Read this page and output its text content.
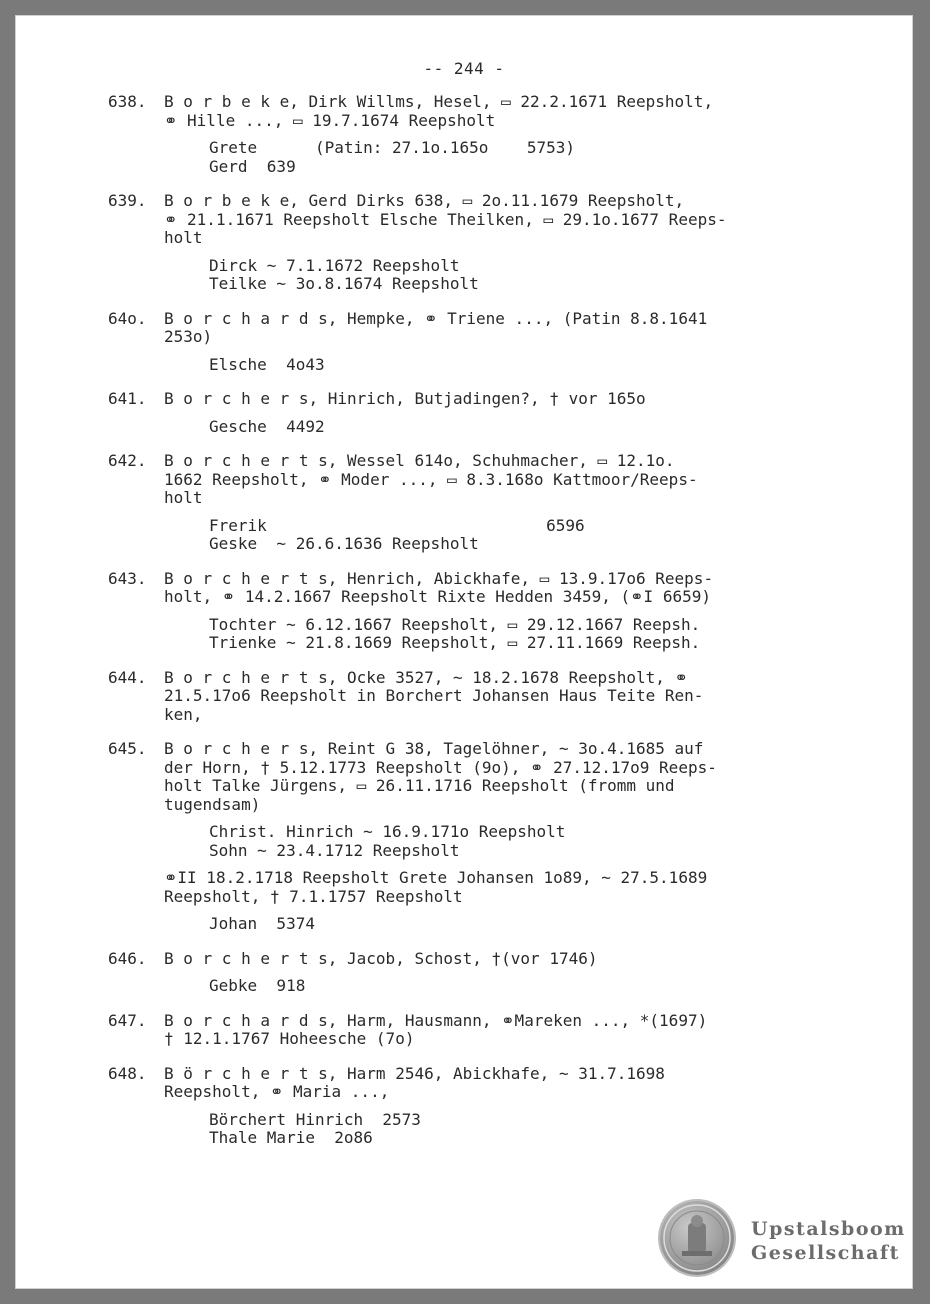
-- 244 -
638. B o r b e k e, Dirk Willms, Hesel, ▭ 22.2.1671 Reepsholt,
⚭ Hille ..., ▭ 19.7.1674 Reepsholt
Grete      (Patin: 27.1o.165o    5753)
Gerd  639
639. B o r b e k e, Gerd Dirks 638, ▭ 2o.11.1679 Reepsholt,
⚭ 21.1.1671 Reepsholt Elsche Theilken, ▭ 29.1o.1677 Reeps-
holt
Dirck ~ 7.1.1672 Reepsholt
Teilke ~ 3o.8.1674 Reepsholt
64o. B o r c h a r d s, Hempke, ⚭ Triene ..., (Patin 8.8.1641
253o)
Elsche  4o43
641. B o r c h e r s, Hinrich, Butjadingen?, † vor 165o
Gesche  4492
642. B o r c h e r t s, Wessel 614o, Schuhmacher, ▭ 12.1o.
1662 Reepsholt, ⚭ Moder ..., ▭ 8.3.168o Kattmoor/Reeps-
holt
Frerik                             6596
Geske  ~ 26.6.1636 Reepsholt
643. B o r c h e r t s, Henrich, Abickhafe, ▭ 13.9.17o6 Reeps-
holt, ⚭ 14.2.1667 Reepsholt Rixte Hedden 3459, (⚭I 6659)
Tochter ~ 6.12.1667 Reepsholt, ▭ 29.12.1667 Reepsh.
Trienke ~ 21.8.1669 Reepsholt, ▭ 27.11.1669 Reepsh.
644. B o r c h e r t s, Ocke 3527, ~ 18.2.1678 Reepsholt, ⚭
21.5.17o6 Reepsholt in Borchert Johansen Haus Teite Ren-
ken,
645. B o r c h e r s, Reint G 38, Tagelöhner, ~ 3o.4.1685 auf
der Horn, † 5.12.1773 Reepsholt (9o), ⚭ 27.12.17o9 Reeps-
holt Talke Jürgens, ▭ 26.11.1716 Reepsholt (fromm und
tugendsam)
Christ. Hinrich ~ 16.9.171o Reepsholt
Sohn ~ 23.4.1712 Reepsholt
⚭II 18.2.1718 Reepsholt Grete Johansen 1o89, ~ 27.5.1689
Reepsholt, † 7.1.1757 Reepsholt
Johan  5374
646. B o r c h e r t s, Jacob, Schost, †(vor 1746)
Gebke  918
647. B o r c h a r d s, Harm, Hausmann, ⚭Mareken ..., *(1697)
† 12.1.1767 Hoheesche (7o)
648. B ö r c h e r t s, Harm 2546, Abickhafe, ~ 31.7.1698
Reepsholt, ⚭ Maria ...,
Börchert Hinrich  2573
Thale Marie  2o86
Upstalsboom
Gesellschaft
